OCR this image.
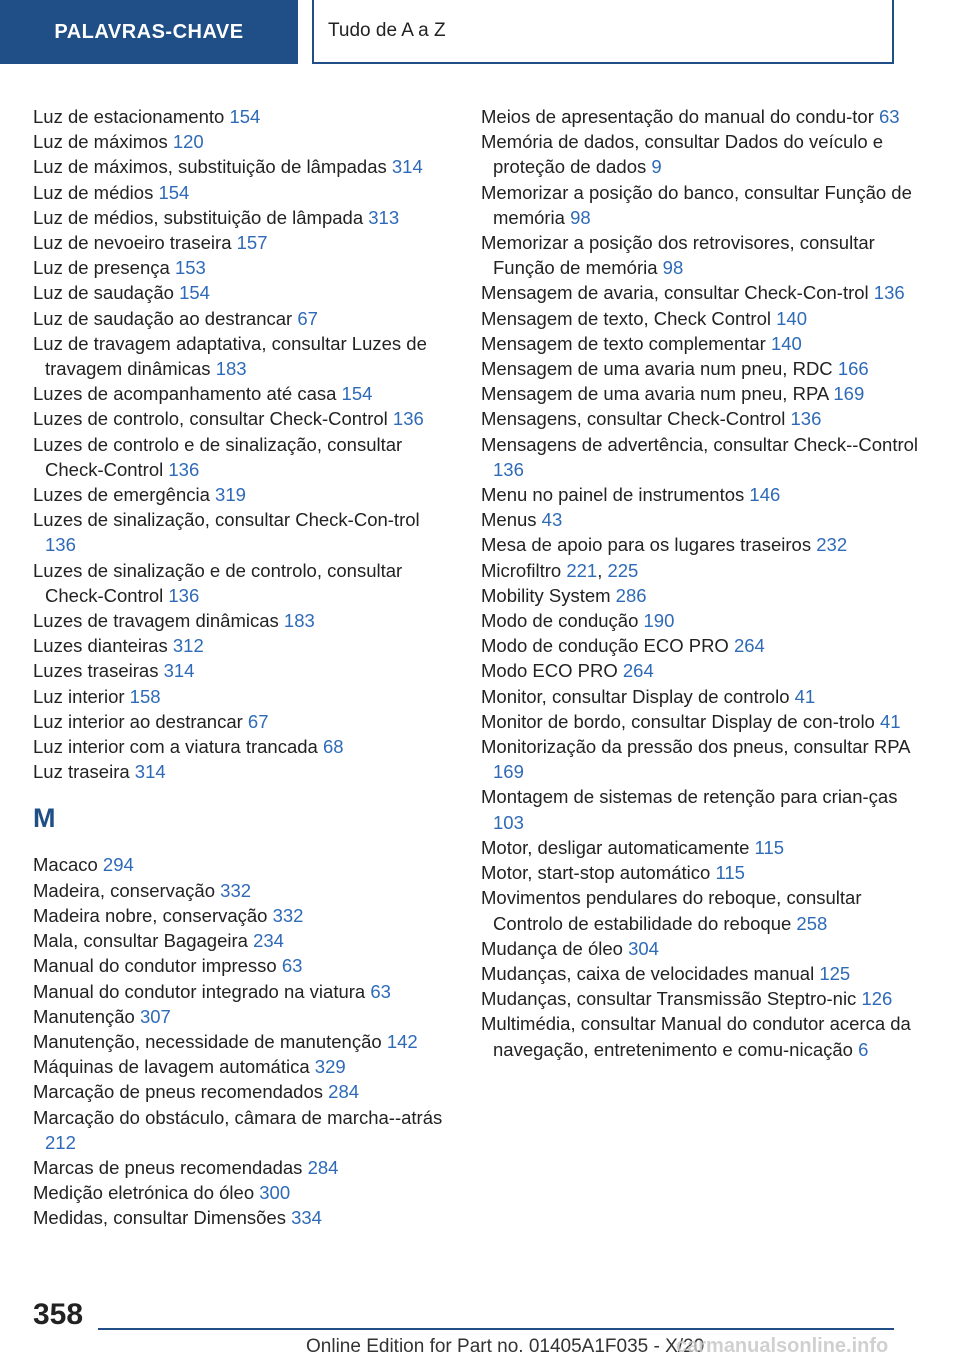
PALAVRAS-CHAVE	Tudo de A a Z

Luz de estacionamento 154

Luz de máximos 120

Luz de máximos, substituição de lâmpadas 314

Luz de médios 154

Luz de médios, substituição de lâmpada 313

Luz de nevoeiro traseira 157

Luz de presença 153

Luz de saudação 154

Luz de saudação ao destrancar 67

Luz de travagem adaptativa, consultar Luzes de travagem dinâmicas 183

Luzes de acompanhamento até casa 154

Luzes de controlo, consultar Check-Control 136

Luzes de controlo e de sinalização, consultar Check-Control 136

Luzes de emergência 319

Luzes de sinalização, consultar Check-Con-trol 136

Luzes de sinalização e de controlo, consultar Check-Control 136

Luzes de travagem dinâmicas 183

Luzes dianteiras 312

Luzes traseiras 314

Luz interior 158

Luz interior ao destrancar 67

Luz interior com a viatura trancada 68

Luz traseira 314

M

Macaco 294

Madeira, conservação 332

Madeira nobre, conservação 332

Mala, consultar Bagageira 234

Manual do condutor impresso 63

Manual do condutor integrado na viatura 63

Manutenção 307

Manutenção, necessidade de manutenção 142

Máquinas de lavagem automática 329

Marcação de pneus recomendados 284

Marcação do obstáculo, câmara de marcha--atrás 212

Marcas de pneus recomendadas 284

Medição eletrónica do óleo 300

Medidas, consultar Dimensões 334

Meios de apresentação do manual do condu-tor 63

Memória de dados, consultar Dados do veículo e proteção de dados 9

Memorizar a posição do banco, consultar Função de memória 98

Memorizar a posição dos retrovisores, consultar Função de memória 98

Mensagem de avaria, consultar Check-Con-trol 136

Mensagem de texto, Check Control 140

Mensagem de texto complementar 140

Mensagem de uma avaria num pneu, RDC 166

Mensagem de uma avaria num pneu, RPA 169

Mensagens, consultar Check-Control 136

Mensagens de advertência, consultar Check--Control 136

Menu no painel de instrumentos 146

Menus 43

Mesa de apoio para os lugares traseiros 232

Microfiltro 221, 225

Mobility System 286

Modo de condução 190

Modo de condução ECO PRO 264

Modo ECO PRO 264

Monitor, consultar Display de controlo 41

Monitor de bordo, consultar Display de con-trolo 41

Monitorização da pressão dos pneus, consultar RPA 169

Montagem de sistemas de retenção para crian-ças 103

Motor, desligar automaticamente 115

Motor, start-stop automático 115

Movimentos pendulares do reboque, consultar Controlo de estabilidade do reboque 258

Mudança de óleo 304

Mudanças, caixa de velocidades manual 125

Mudanças, consultar Transmissão Steptro-nic 126

Multimédia, consultar Manual do condutor acerca da navegação, entretenimento e comu-nicação 6

358
Online Edition for Part no. 01405A1F035 - X/20
carmanualsonline.info
